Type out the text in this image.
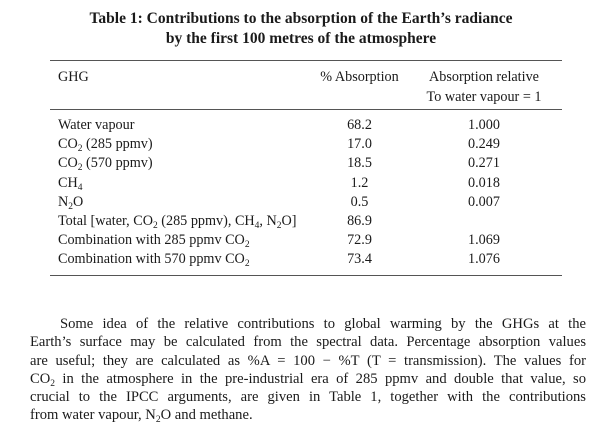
Table 1: Contributions to the absorption of the Earth’s radiance
by the first 100 metres of the atmosphere
GHG	% Absorption	Absorption relative
To water vapour = 1
Water vapour	68.2	1.000
$CO_2$ (285 ppmv)	17.0	0.249
$CO_2$ (570 ppmv)	18.5	0.271
$CH_4$	1.2	0.018
$N_2O$	0.5	0.007
Total [water, $CO_2$ (285 ppmv), $CH_4$, $N_2O$]	86.9
Combination with 285 ppmv $CO_2$	72.9	1.069
Combination with 570 ppmv $CO_2$	73.4	1.076
Some idea of the relative contributions to global warming by the GHGs at the
Earth’s surface may be calculated from the spectral data. Percentage absorption values
are useful; they are calculated as %A = 100 − %T (T = transmission). The values for
$CO_2$ in the atmosphere in the pre-industrial era of 285 ppmv and double that value, so
crucial to the IPCC arguments, are given in Table 1, together with the contributions
from water vapour, $N_2O$ and methane.
